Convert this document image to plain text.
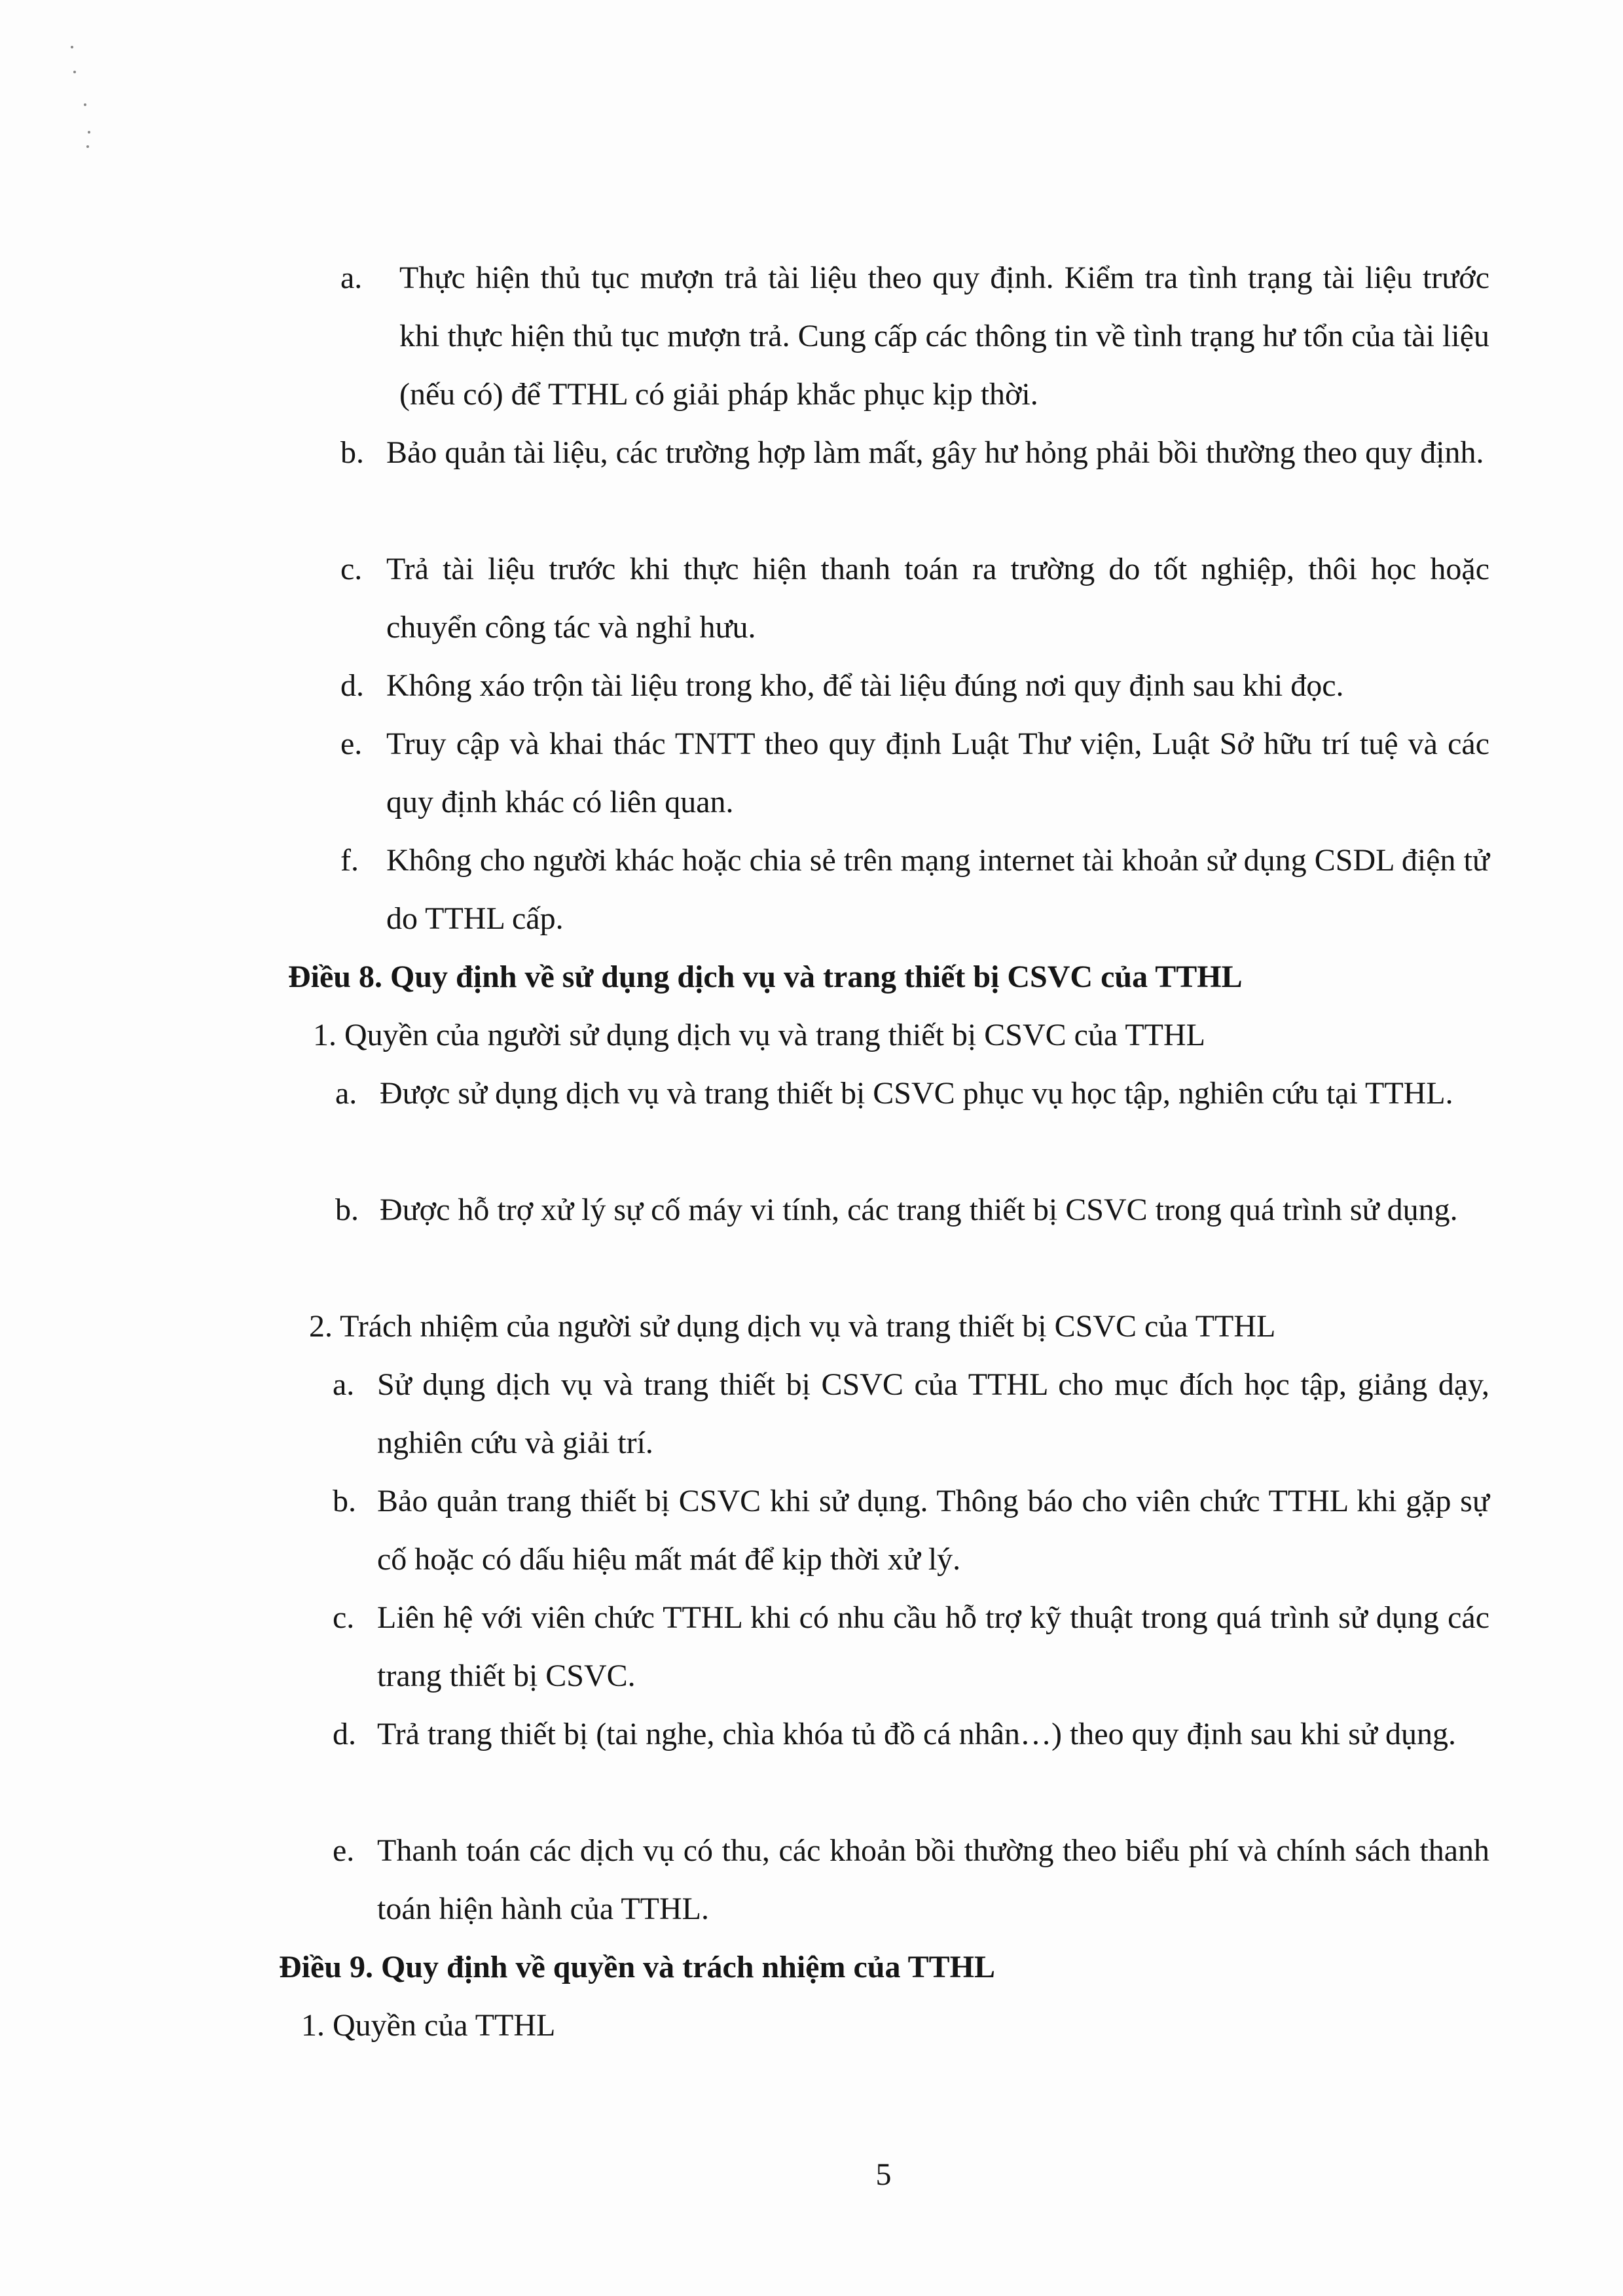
a. Thực hiện thủ tục mượn trả tài liệu theo quy định. Kiểm tra tình trạng tài liệu trước khi thực hiện thủ tục mượn trả. Cung cấp các thông tin về tình trạng hư tổn của tài liệu (nếu có) để TTHL có giải pháp khắc phục kịp thời.
b. Bảo quản tài liệu, các trường hợp làm mất, gây hư hỏng phải bồi thường theo quy định.
c. Trả tài liệu trước khi thực hiện thanh toán ra trường do tốt nghiệp, thôi học hoặc chuyển công tác và nghỉ hưu.
d. Không xáo trộn tài liệu trong kho, để tài liệu đúng nơi quy định sau khi đọc.
e. Truy cập và khai thác TNTT theo quy định Luật Thư viện, Luật Sở hữu trí tuệ và các quy định khác có liên quan.
f. Không cho người khác hoặc chia sẻ trên mạng internet tài khoản sử dụng CSDL điện tử do TTHL cấp.
Điều 8. Quy định về sử dụng dịch vụ và trang thiết bị CSVC của TTHL
1. Quyền của người sử dụng dịch vụ và trang thiết bị CSVC của TTHL
a. Được sử dụng dịch vụ và trang thiết bị CSVC phục vụ học tập, nghiên cứu tại TTHL.
b. Được hỗ trợ xử lý sự cố máy vi tính, các trang thiết bị CSVC trong quá trình sử dụng.
2. Trách nhiệm của người sử dụng dịch vụ và trang thiết bị CSVC của TTHL
a. Sử dụng dịch vụ và trang thiết bị CSVC của TTHL cho mục đích học tập, giảng dạy, nghiên cứu và giải trí.
b. Bảo quản trang thiết bị CSVC khi sử dụng. Thông báo cho viên chức TTHL khi gặp sự cố hoặc có dấu hiệu mất mát để kịp thời xử lý.
c. Liên hệ với viên chức TTHL khi có nhu cầu hỗ trợ kỹ thuật trong quá trình sử dụng các trang thiết bị CSVC.
d. Trả trang thiết bị (tai nghe, chìa khóa tủ đồ cá nhân…) theo quy định sau khi sử dụng.
e. Thanh toán các dịch vụ có thu, các khoản bồi thường theo biểu phí và chính sách thanh toán hiện hành của TTHL.
Điều 9. Quy định về quyền và trách nhiệm của TTHL
1. Quyền của TTHL
5
